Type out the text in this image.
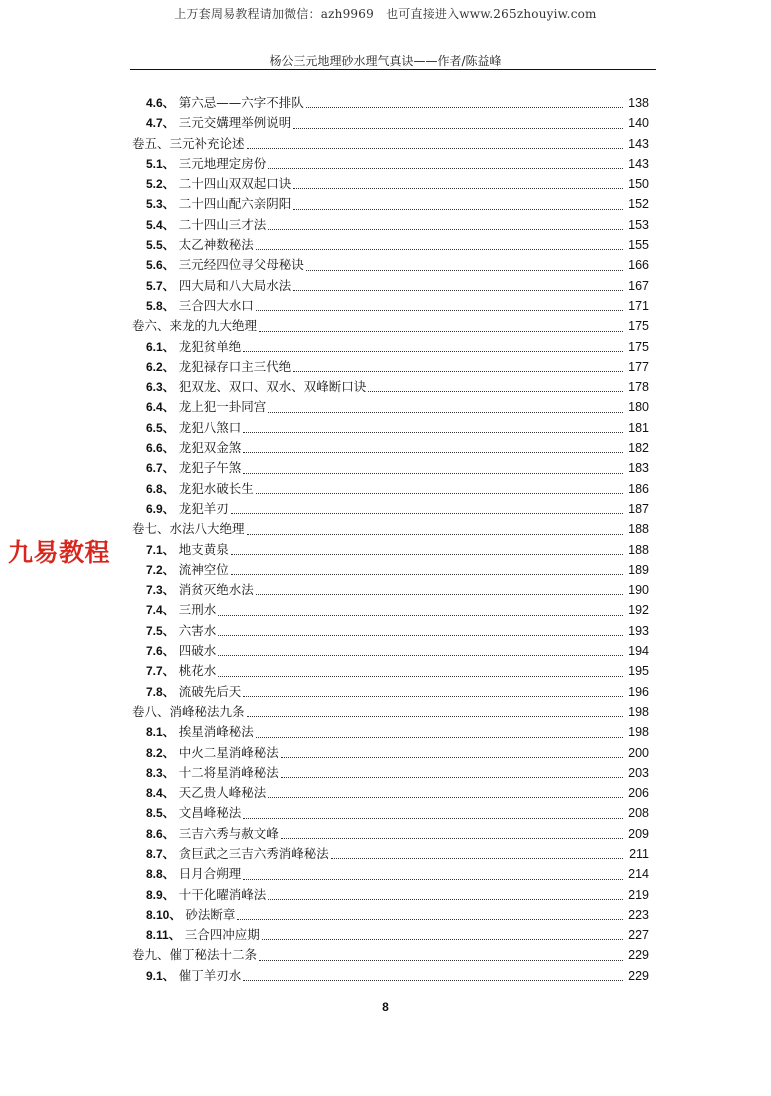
上万套周易教程请加微信：azh9969　也可直接进入www.265zhouyiw.com
杨公三元地理砂水理气真诀——作者/陈益峰
4.6、 第六忌——六字不排队	138
4.7、 三元交媾理举例说明	140
卷五、三元补充论述	143
5.1、 三元地理定房份	143
5.2、 二十四山双双起口诀	150
5.3、 二十四山配六亲阴阳	152
5.4、 二十四山三才法	153
5.5、 太乙神数秘法	155
5.6、 三元经四位寻父母秘诀	166
5.7、 四大局和八大局水法	167
5.8、 三合四大水口	171
卷六、来龙的九大绝理	175
6.1、 龙犯贫单绝	175
6.2、 龙犯禄存口主三代绝	177
6.3、 犯双龙、双口、双水、双峰断口诀	178
6.4、 龙上犯一卦同宫	180
6.5、 龙犯八煞口	181
6.6、 龙犯双金煞	182
6.7、 龙犯子午煞	183
6.8、 龙犯水破长生	186
6.9、 龙犯羊刃	187
卷七、水法八大绝理	188
7.1、 地支黄泉	188
7.2、 流神空位	189
7.3、 消贫灭绝水法	190
7.4、 三刑水	192
7.5、 六害水	193
7.6、 四破水	194
7.7、 桃花水	195
7.8、 流破先后天	196
卷八、消峰秘法九条	198
8.1、 挨星消峰秘法	198
8.2、 中火二星消峰秘法	200
8.3、 十二将星消峰秘法	203
8.4、 天乙贵人峰秘法	206
8.5、 文昌峰秘法	208
8.6、 三吉六秀与赦文峰	209
8.7、 贪巨武之三吉六秀消峰秘法	211
8.8、 日月合朔理	214
8.9、 十干化曜消峰法	219
8.10、 砂法断章	223
8.11、 三合四冲应期	227
卷九、催丁秘法十二条	229
9.1、 催丁羊刃水	229
九易教程
8
